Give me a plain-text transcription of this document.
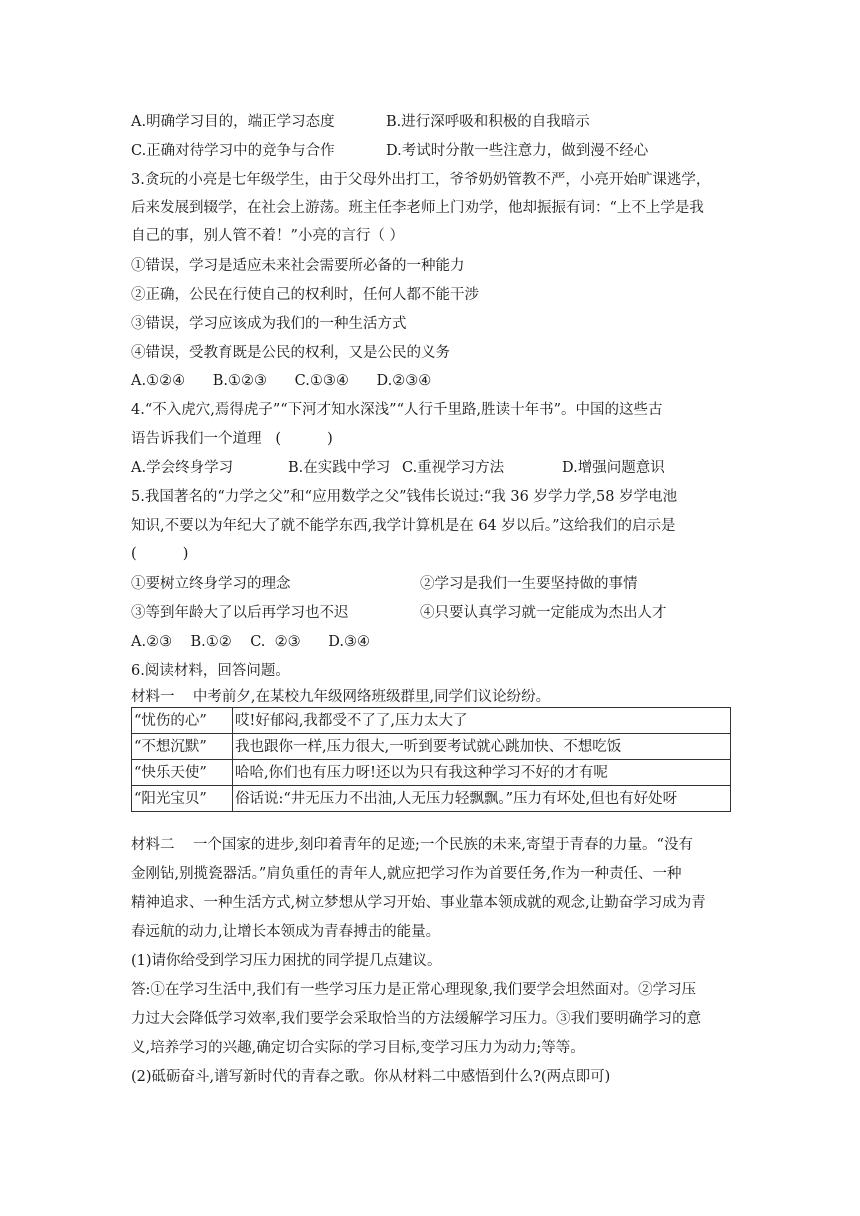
A.明确学习目的，端正学习态度	B.进行深呼吸和积极的自我暗示
C.正确对待学习中的竞争与合作	D.考试时分散一些注意力，做到漫不经心
3.贪玩的小亮是七年级学生，由于父母外出打工，爷爷奶奶管教不严，小亮开始旷课逃学，
后来发展到辍学，在社会上游荡。班主任李老师上门劝学，他却振振有词：“上不上学是我
自己的事，别人管不着！”小亮的言行（ ）
①错误，学习是适应未来社会需要所必备的一种能力
②正确，公民在行使自己的权利时，任何人都不能干涉
③错误，学习应该成为我们的一种生活方式
④错误，受教育既是公民的权利，又是公民的义务
A.①②④      B.①②③      C.①③④      D.②③④
4.“不入虎穴,焉得虎子”“下河才知水深浅”“人行千里路,胜读十年书”。中国的这些古
语告诉我们一个道理   (          )
A.学会终身学习	B.在实践中学习 C.重视学习方法	D.增强问题意识
5.我国著名的“力学之父”和“应用数学之父”钱伟长说过:“我 36 岁学力学,58 岁学电池
知识,不要以为年纪大了就不能学东西,我学计算机是在 64 岁以后。”这给我们的启示是
(          )
①要树立终身学习的理念	②学习是我们一生要坚持做的事情
③等到年龄大了以后再学习也不迟	④只要认真学习就一定能成为杰出人才
A.②③    B.①②    C.  ②③      D.③④
6.阅读材料，回答问题。
材料一    中考前夕,在某校九年级网络班级群里,同学们议论纷纷。
“忧伤的心”	哎!好郁闷,我都受不了了,压力太大了
“不想沉默”	我也跟你一样,压力很大,一听到要考试就心跳加快、不想吃饭
“快乐天使”	哈哈,你们也有压力呀!还以为只有我这种学习不好的才有呢
“阳光宝贝”	俗话说:“井无压力不出油,人无压力轻飘飘。”压力有坏处,但也有好处呀
材料二    一个国家的进步,刻印着青年的足迹;一个民族的未来,寄望于青春的力量。“没有
金刚钻,别揽瓷器活。”肩负重任的青年人,就应把学习作为首要任务,作为一种责任、一种
精神追求、一种生活方式,树立梦想从学习开始、事业靠本领成就的观念,让勤奋学习成为青
春远航的动力,让增长本领成为青春搏击的能量。
(1)请你给受到学习压力困扰的同学提几点建议。
答:①在学习生活中,我们有一些学习压力是正常心理现象,我们要学会坦然面对。②学习压
力过大会降低学习效率,我们要学会采取恰当的方法缓解学习压力。③我们要明确学习的意
义,培养学习的兴趣,确定切合实际的学习目标,变学习压力为动力;等等。
(2)砥砺奋斗,谱写新时代的青春之歌。你从材料二中感悟到什么?(两点即可)
